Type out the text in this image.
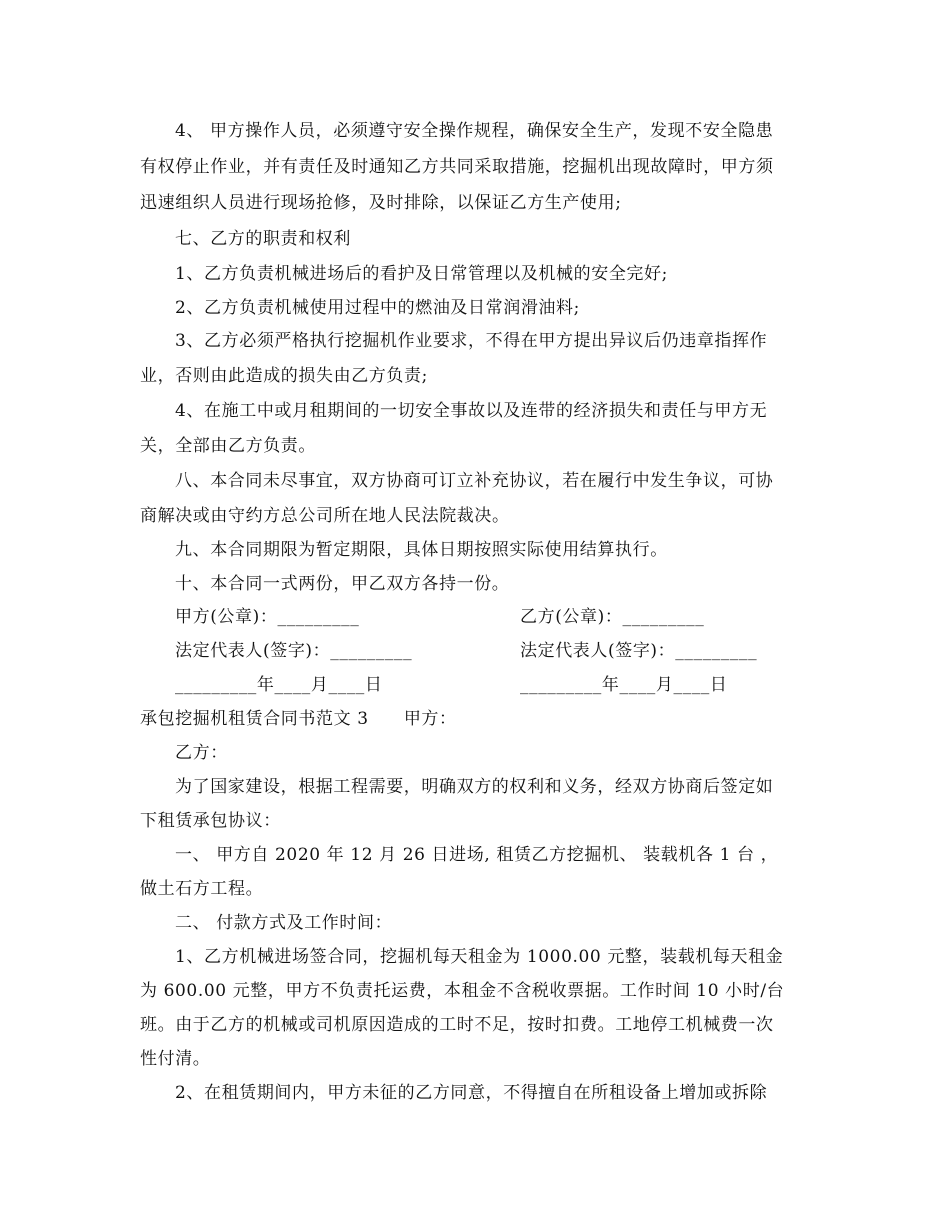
4、 甲方操作人员，必须遵守安全操作规程，确保安全生产，发现不安全隐患
有权停止作业，并有责任及时通知乙方共同采取措施，挖掘机出现故障时，甲方须
迅速组织人员进行现场抢修，及时排除，以保证乙方生产使用;
七、乙方的职责和权利
1、乙方负责机械进场后的看护及日常管理以及机械的安全完好;
2、乙方负责机械使用过程中的燃油及日常润滑油料;
3、乙方必须严格执行挖掘机作业要求，不得在甲方提出异议后仍违章指挥作
业，否则由此造成的损失由乙方负责;
4、在施工中或月租期间的一切安全事故以及连带的经济损失和责任与甲方无
关，全部由乙方负责。
八、本合同未尽事宜，双方协商可订立补充协议，若在履行中发生争议，可协
商解决或由守约方总公司所在地人民法院裁决。
九、本合同期限为暂定期限，具体日期按照实际使用结算执行。
十、本合同一式两份，甲乙双方各持一份。
甲方(公章)：_________	乙方(公章)：_________
法定代表人(签字)：_________	法定代表人(签字)：_________
_________年____月____日	_________年____月____日
承包挖掘机租赁合同书范文 3　　甲方：
乙方：
为了国家建设，根据工程需要，明确双方的权利和义务，经双方协商后签定如
下租赁承包协议：
一、 甲方自 2020 年 12 月 26 日进场, 租赁乙方挖掘机、 装载机各 1 台 ，
做土石方工程。
二、 付款方式及工作时间：
1、乙方机械进场签合同，挖掘机每天租金为 1000.00 元整，装载机每天租金
为 600.00 元整，甲方不负责托运费，本租金不含税收票据。工作时间 10 小时/台
班。由于乙方的机械或司机原因造成的工时不足，按时扣费。工地停工机械费一次
性付清。
2、在租赁期间内，甲方未征的乙方同意，不得擅自在所租设备上增加或拆除
